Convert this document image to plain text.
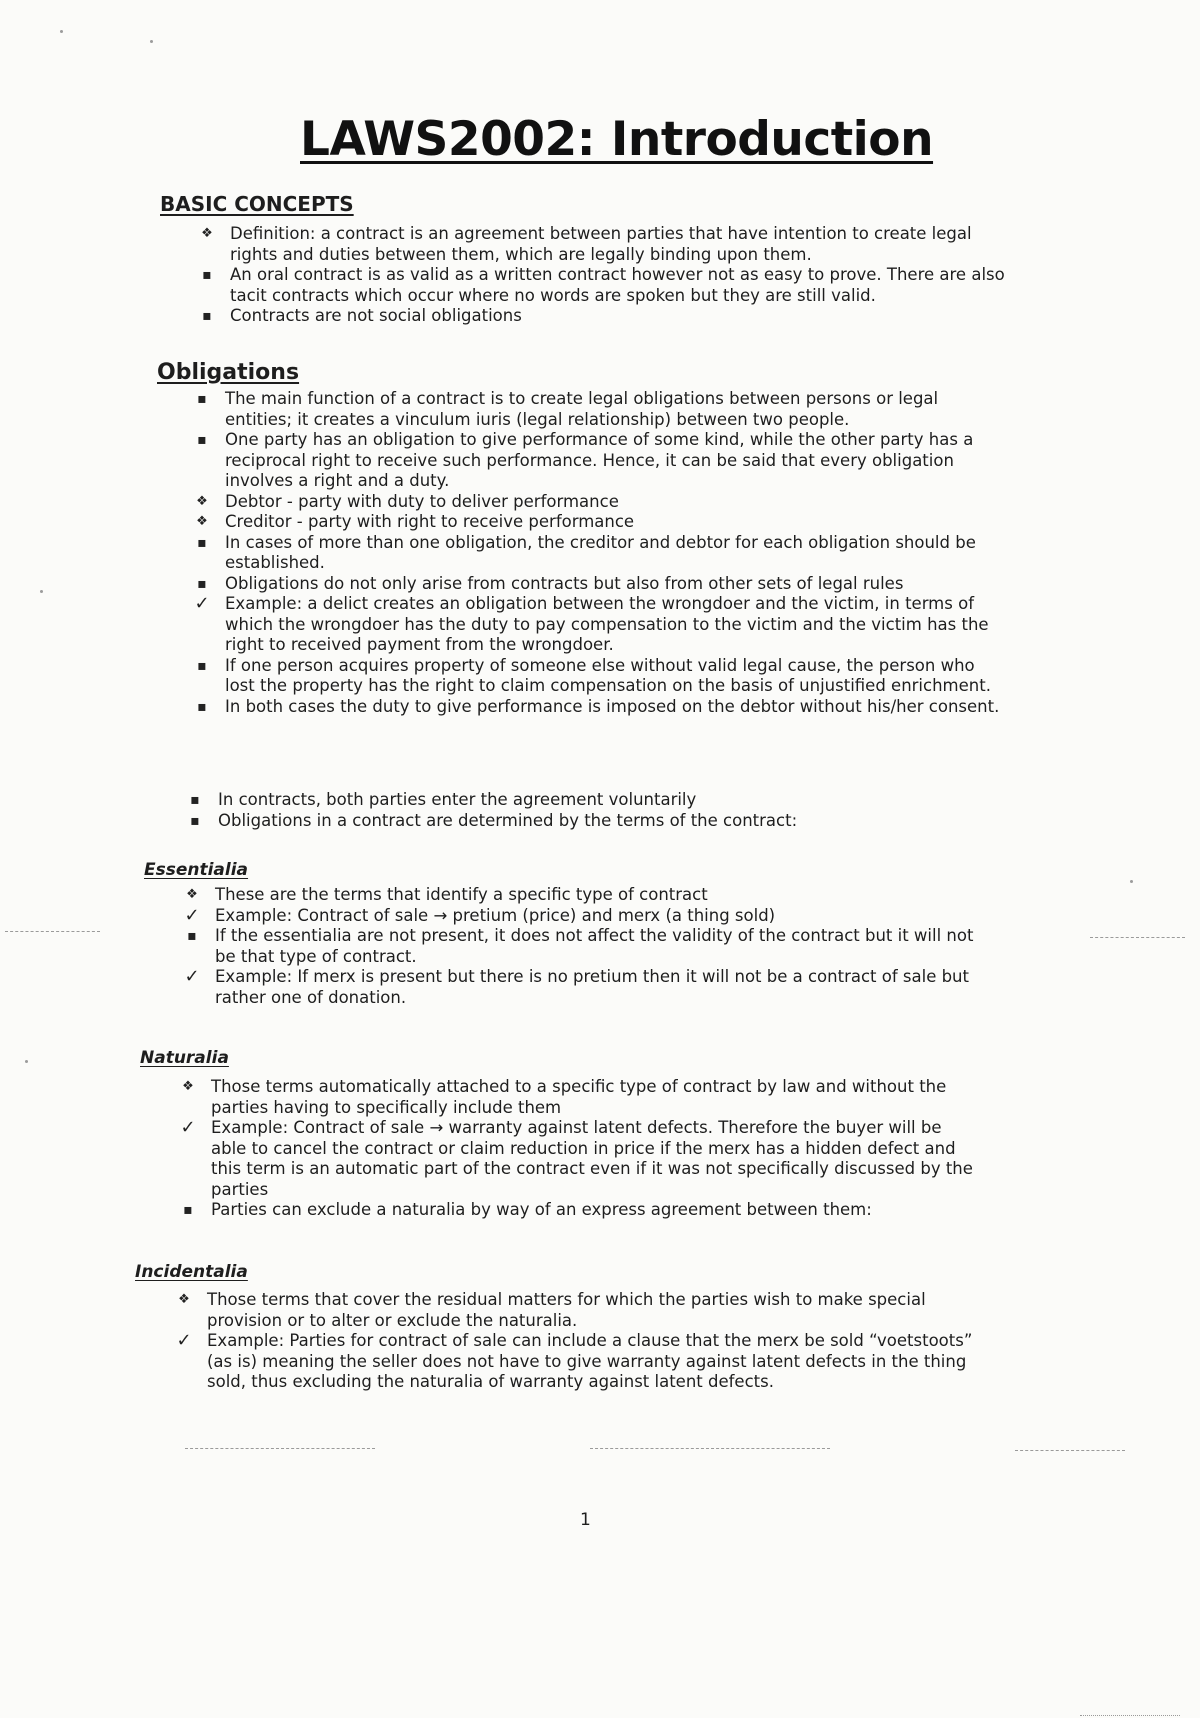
LAWS2002: Introduction
BASIC CONCEPTS
❖
Definition: a contract is an agreement between parties that have intention to create legal
rights and duties between them, which are legally binding upon them.
▪
An oral contract is as valid as a written contract however not as easy to prove. There are also
tacit contracts which occur where no words are spoken but they are still valid.
▪
Contracts are not social obligations
Obligations
▪
The main function of a contract is to create legal obligations between persons or legal
entities; it creates a vinculum iuris (legal relationship) between two people.
▪
One party has an obligation to give performance of some kind, while the other party has a
reciprocal right to receive such performance. Hence, it can be said that every obligation
involves a right and a duty.
❖
Debtor - party with duty to deliver performance
❖
Creditor - party with right to receive performance
▪
In cases of more than one obligation, the creditor and debtor for each obligation should be
established.
▪
Obligations do not only arise from contracts but also from other sets of legal rules
✓
Example: a delict creates an obligation between the wrongdoer and the victim, in terms of
which the wrongdoer has the duty to pay compensation to the victim and the victim has the
right to received payment from the wrongdoer.
▪
If one person acquires property of someone else without valid legal cause, the person who
lost the property has the right to claim compensation on the basis of unjustified enrichment.
▪
In both cases the duty to give performance is imposed on the debtor without his/her consent.
▪
In contracts, both parties enter the agreement voluntarily
▪
Obligations in a contract are determined by the terms of the contract:
Essentialia
❖
These are the terms that identify a specific type of contract
✓
Example: Contract of sale → pretium (price) and merx (a thing sold)
▪
If the essentialia are not present, it does not affect the validity of the contract but it will not
be that type of contract.
✓
Example: If merx is present but there is no pretium then it will not be a contract of sale but
rather one of donation.
Naturalia
❖
Those terms automatically attached to a specific type of contract by law and without the
parties having to specifically include them
✓
Example: Contract of sale → warranty against latent defects. Therefore the buyer will be
able to cancel the contract or claim reduction in price if the merx has a hidden defect and
this term is an automatic part of the contract even if it was not specifically discussed by the
parties
▪
Parties can exclude a naturalia by way of an express agreement between them:
Incidentalia
❖
Those terms that cover the residual matters for which the parties wish to make special
provision or to alter or exclude the naturalia.
✓
Example: Parties for contract of sale can include a clause that the merx be sold “voetstoots”
(as is) meaning the seller does not have to give warranty against latent defects in the thing
sold, thus excluding the naturalia of warranty against latent defects.

1
